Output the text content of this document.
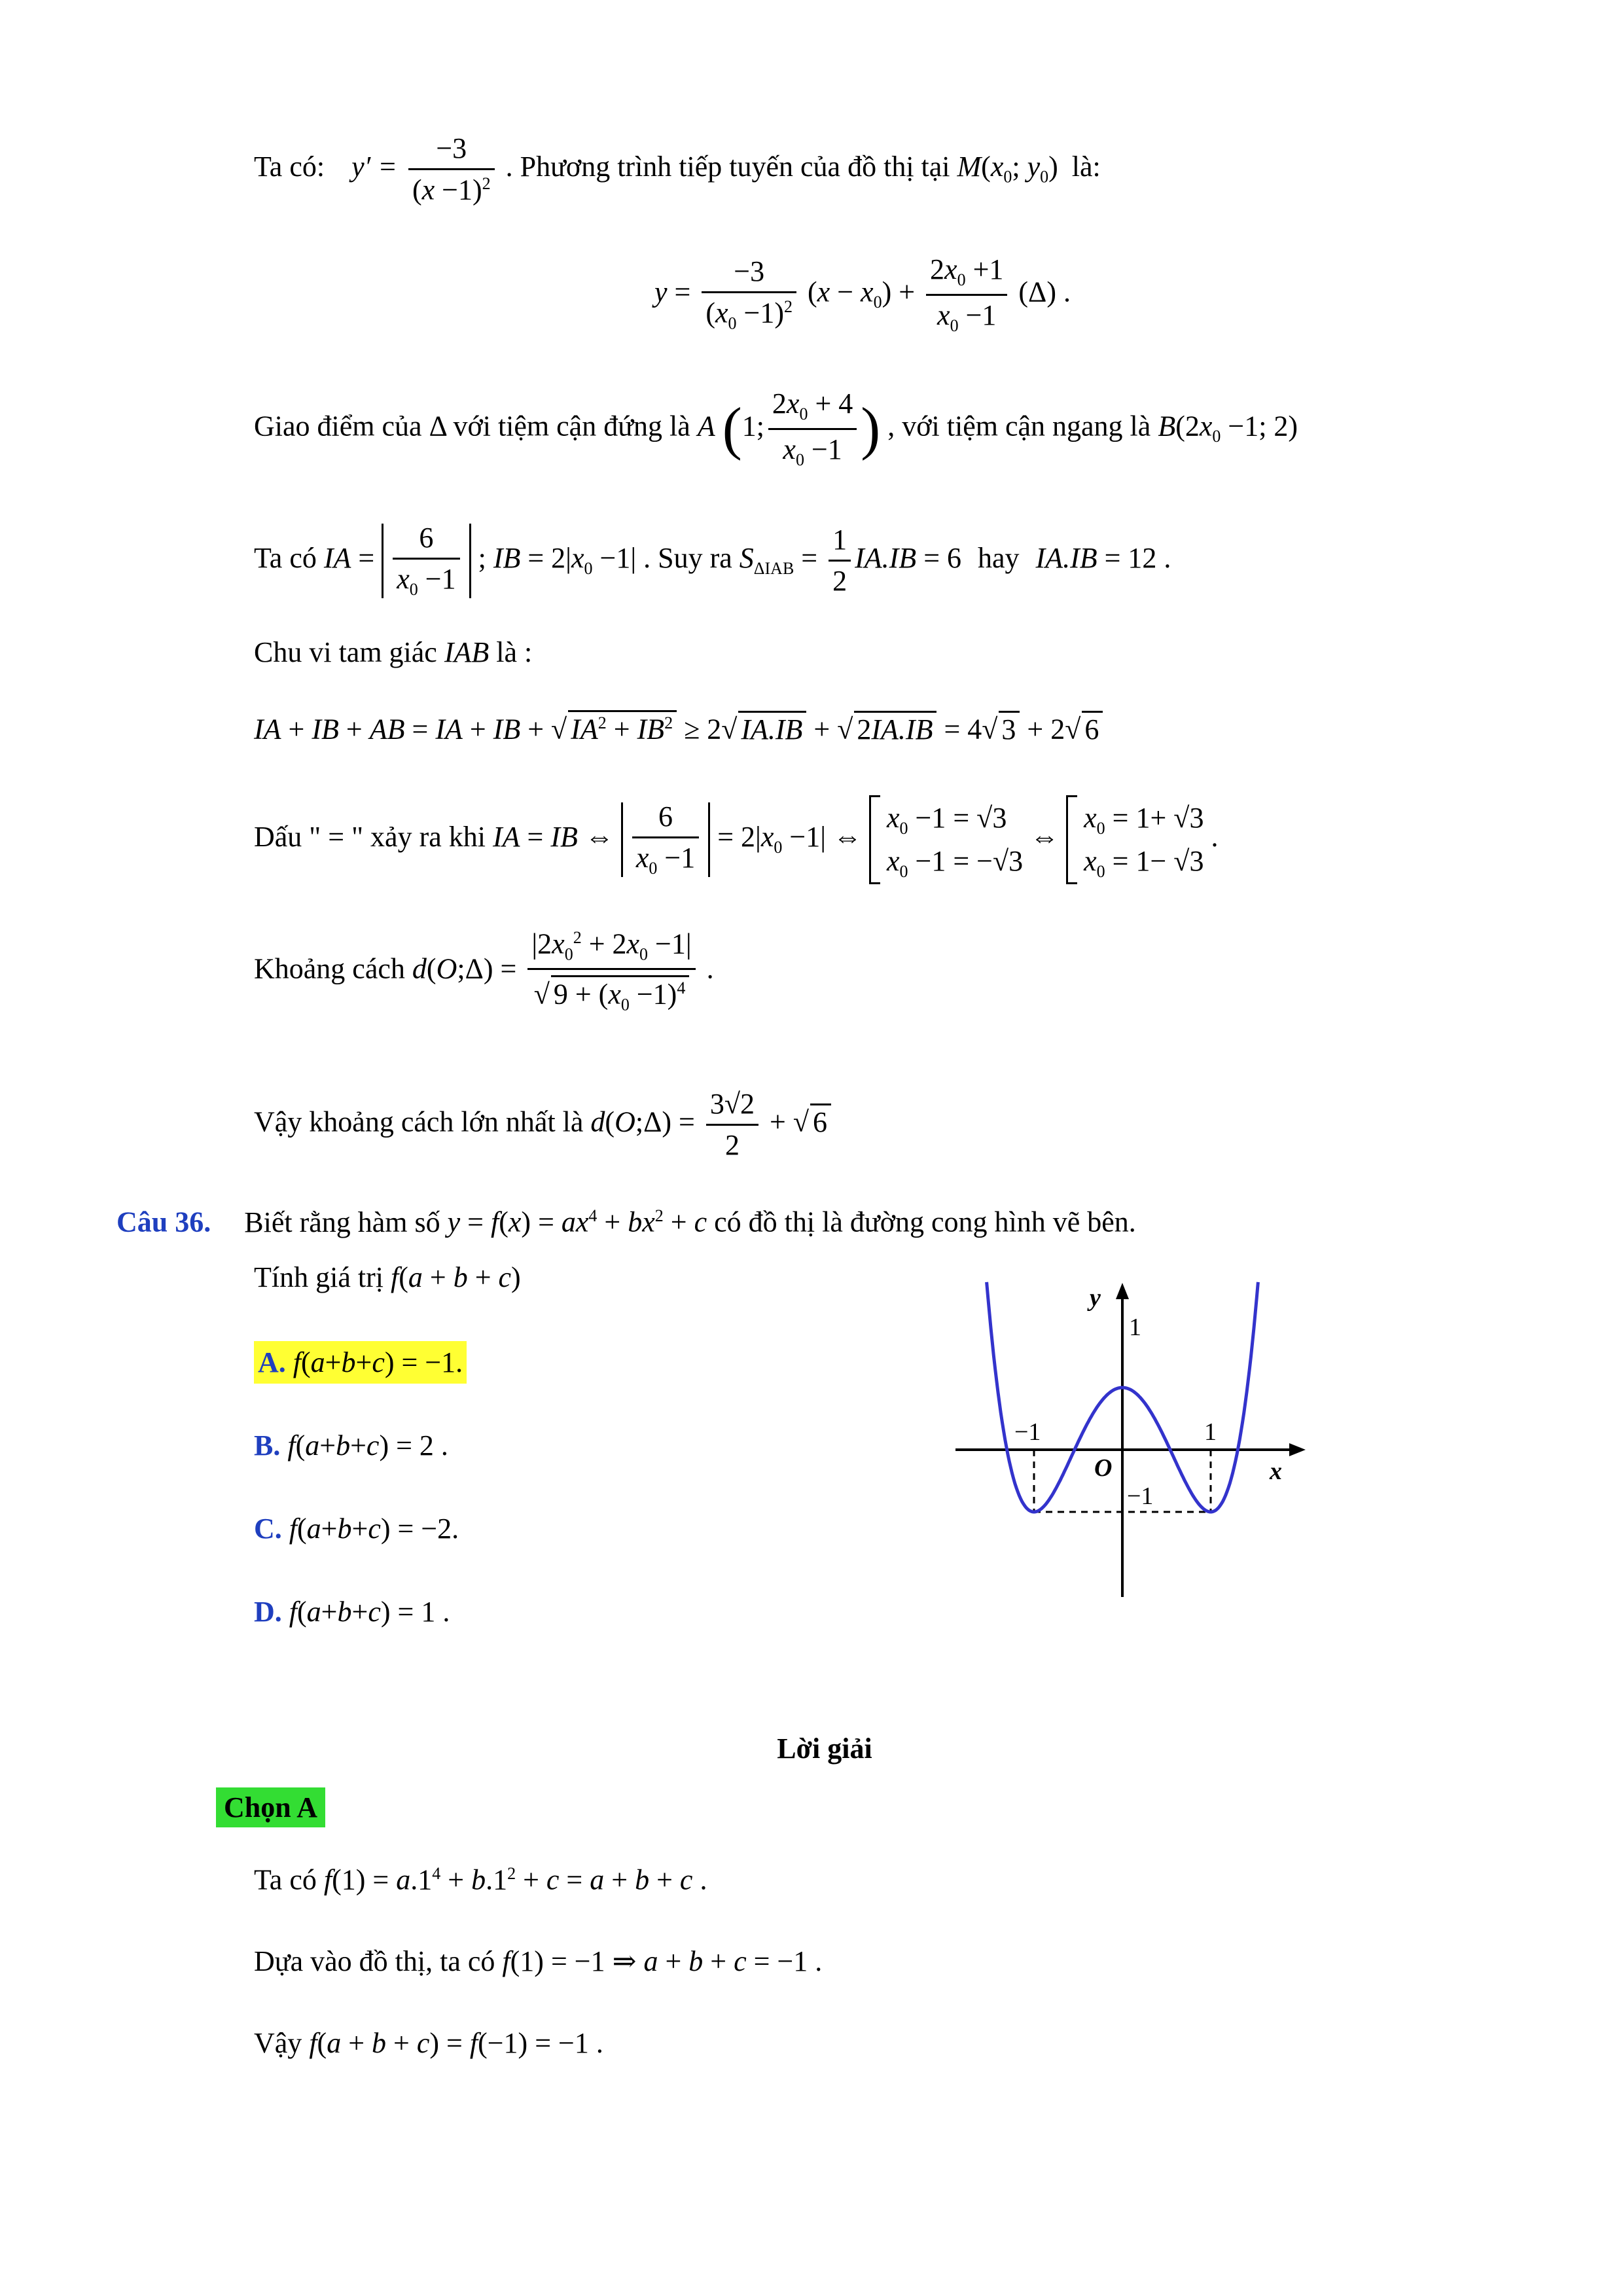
Ta có: $y' = \frac{-3}{(x -1)^2}$ . Phương trình tiếp tuyến của đồ thị tại $M(x_0$; $y_0$) là:
$y = \frac{-3}{(x_0 -1)^2} (x - x_0) + \frac{2x_0 +1}{x_0 -1} (\Delta)$ .
Giao điểm của Δ với tiệm cận đứng là A (1; $\frac{2x_0 + 4}{x_0 -1}$ ) , với tiệm cận ngang là $B(2x_0 -1$; 2)
Ta có IA = $\frac{6}{x_0 -1}$ ; IB = $2|x_0 -1|$ . Suy ra $S_{\Delta IAB} = \frac{1}{2} IA.IB = 6$ hay IA.IB = 12 .
Chu vi tam giác IAB là :
IA + IB + AB = IA + IB + √ $IA^2 + IB^2 \ge 2√$ IA.IB + √ 2IA.IB = 4√ 3 + 2√ 6
Dấu " = " xảy ra khi IA = IB ⇔ $\frac{6}{x_0 -1} = 2|x_0 -1|$ ⇔
$x_0 -1 = √3$
$x_0 -1 = -√3$
⇔
$x_0 = 1+ √3$
$x_0 = 1- √3$
.
Khoảng cách d(O;Δ) = $\frac{|2x_0^2 + 2x_0 -1|}{√ 9 + (x_0 -1)^4}$ .
Vậy khoảng cách lớn nhất là d(O;Δ) = $\frac{3√2}{2}$ + √ 6
Câu 36. Biết rằng hàm số $y = f(x) = ax^4 + bx^2 + c$ có đồ thị là đường cong hình vẽ bên.
Tính giá trị f(a + b + c)
A. f(a+b+c) = −1.
B. f(a+b+c) = 2 .
C. f(a+b+c) = −2.
D. f(a+b+c) = 1 .
y
x
O
−1	1
1
−1
Lời giải
Chọn A
Ta có $f(1) = a.1^4 + b.1^2 + c = a + b + c$ .
Dựa vào đồ thị, ta có f(1) = −1 ⇒ a + b + c = −1 .
Vậy f(a + b + c) = f(−1) = −1 .
